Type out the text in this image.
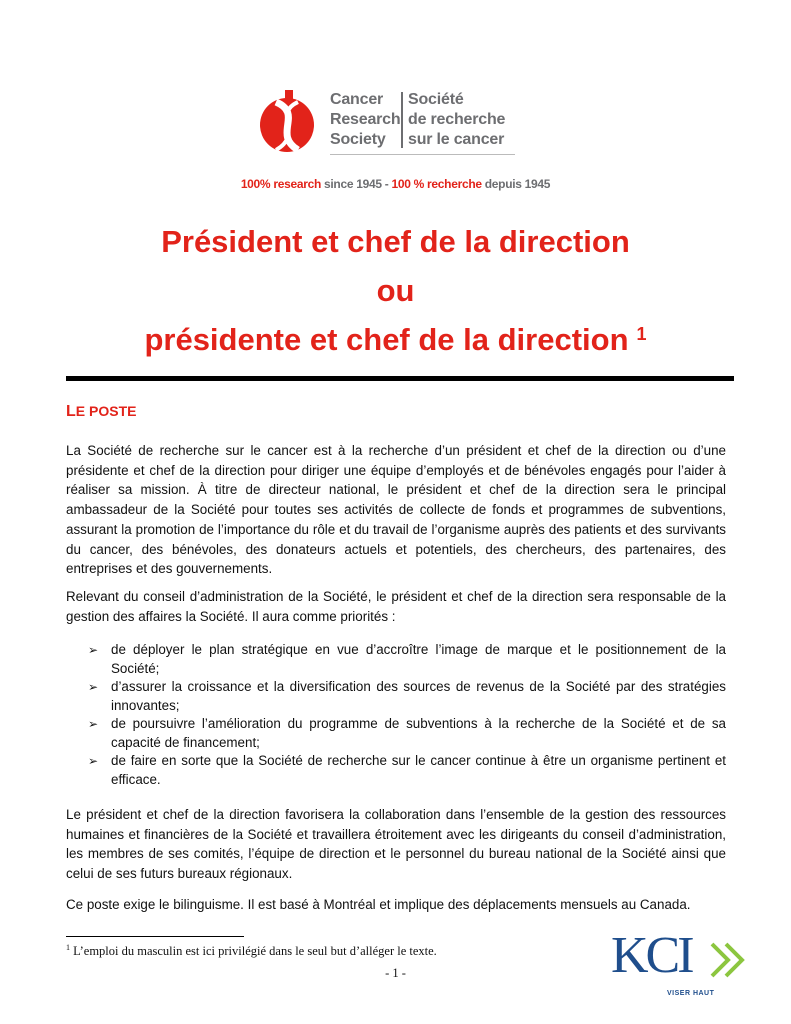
Cancer
Research
Society
Société
de recherche
sur le cancer
100% research since 1945 - 100 % recherche depuis 1945
Président et chef de la direction
ou
présidente et chef de la direction $^1$
LE POSTE

La Société de recherche sur le cancer est à la recherche d’un président et chef de la direction ou d’une présidente et chef de la direction pour diriger une équipe d’employés et de bénévoles engagés pour l’aider à réaliser sa mission. À titre de directeur national, le président et chef de la direction sera le principal ambassadeur de la Société pour toutes ses activités de collecte de fonds et programmes de subventions, assurant la promotion de l’importance du rôle et du travail de l’organisme auprès des patients et des survivants du cancer, des bénévoles, des donateurs actuels et potentiels, des chercheurs, des partenaires, des entreprises et des gouvernements.

Relevant du conseil d’administration de la Société, le président et chef de la direction sera responsable de la gestion des affaires la Société. Il aura comme priorités :

➢ de déployer le plan stratégique en vue d’accroître l’image de marque et le positionnement de la Société;
➢ d’assurer la croissance et la diversification des sources de revenus de la Société par des stratégies innovantes;
➢ de poursuivre l’amélioration du programme de subventions à la recherche de la Société et de sa capacité de financement;
➢ de faire en sorte que la Société de recherche sur le cancer continue à être un organisme pertinent et efficace.

Le président et chef de la direction favorisera la collaboration dans l’ensemble de la gestion des ressources humaines et financières de la Société et travaillera étroitement avec les dirigeants du conseil d’administration, les membres de ses comités, l’équipe de direction et le personnel du bureau national de la Société ainsi que celui de ses futurs bureaux régionaux.

Ce poste exige le bilinguisme. Il est basé à Montréal et implique des déplacements mensuels au Canada.

$^1$ L’emploi du masculin est ici privilégié dans le seul but d’alléger le texte.
- 1 -	KCI
VISER HAUT
